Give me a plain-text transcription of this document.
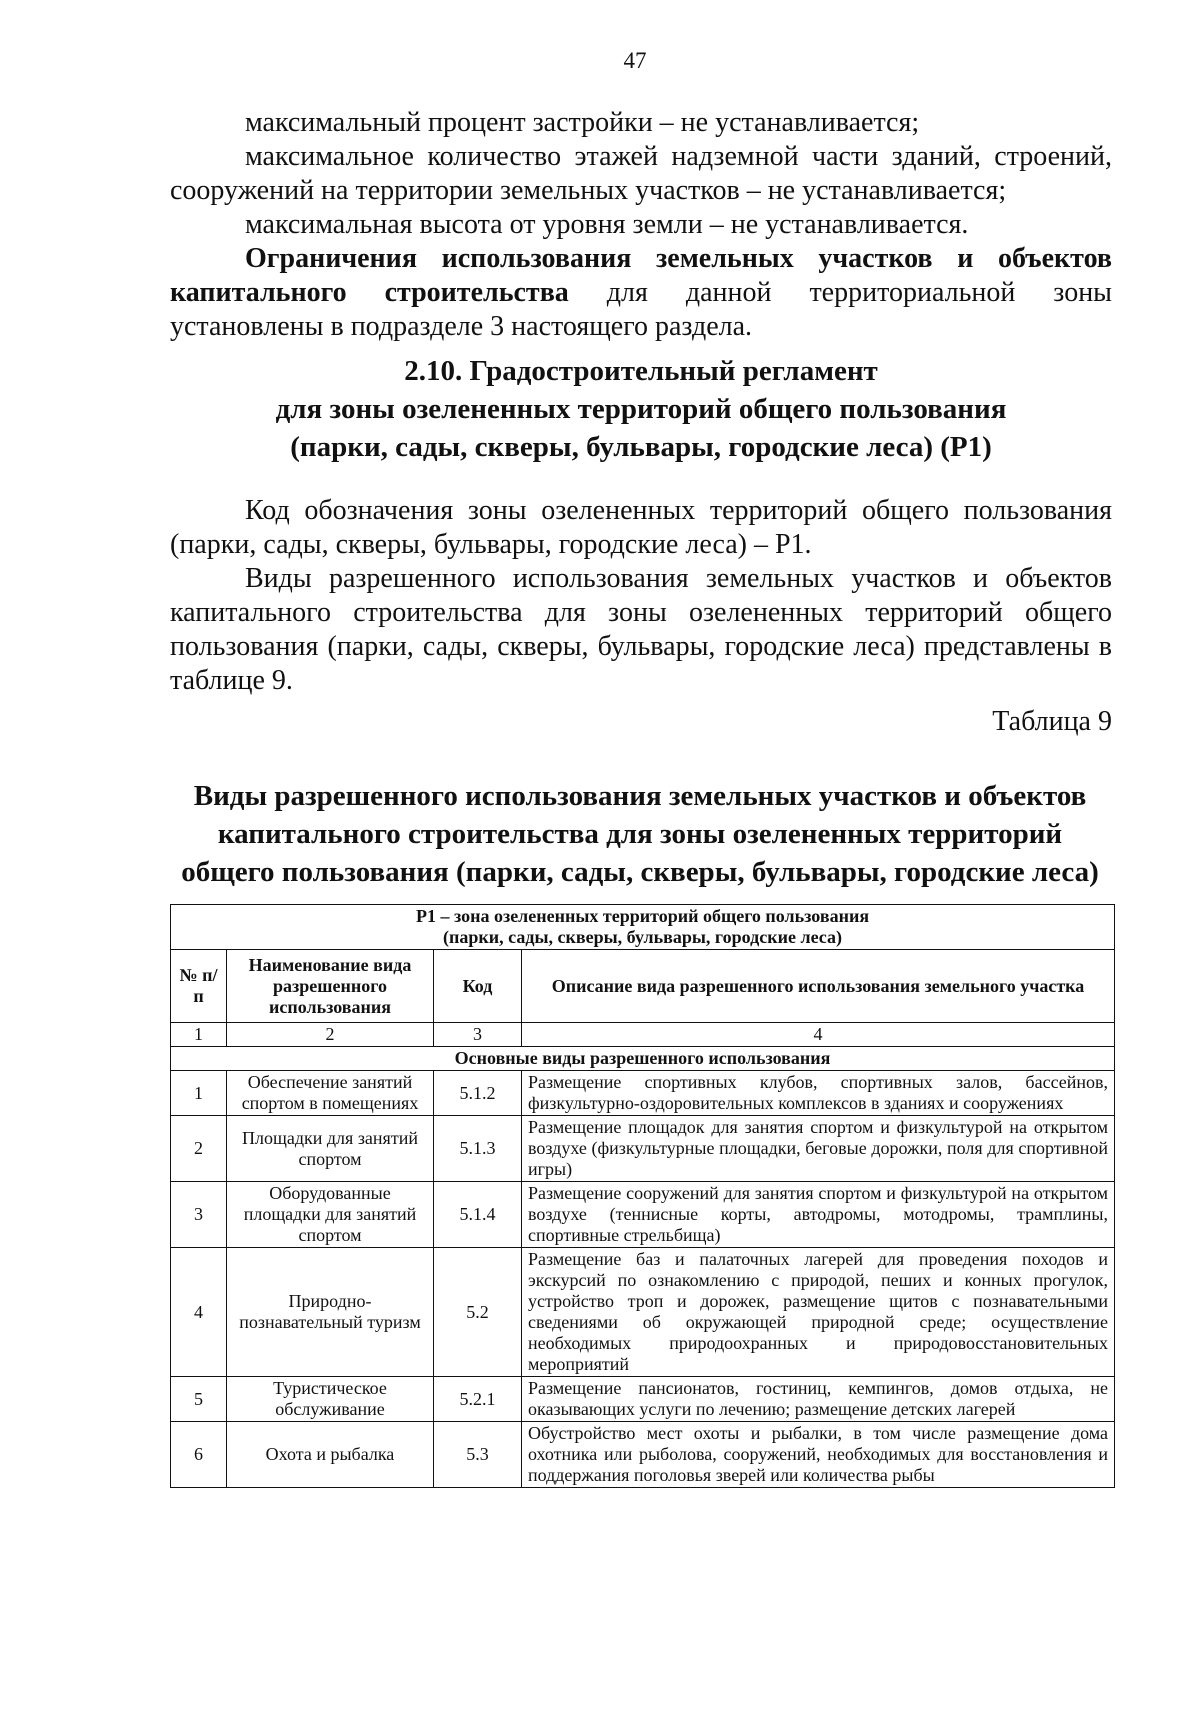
47

максимальный процент застройки – не устанавливается;

максимальное количество этажей надземной части зданий, строений, сооружений на территории земельных участков – не устанавливается;

максимальная высота от уровня земли – не устанавливается.

Ограничения использования земельных участков и объектов капитального строительства для данной территориальной зоны установлены в подразделе 3 настоящего раздела.

2.10. Градостроительный регламент
для зоны озелененных территорий общего пользования
(парки, сады, скверы, бульвары, городские леса) (Р1)

Код обозначения зоны озелененных территорий общего пользования (парки, сады, скверы, бульвары, городские леса) – Р1.

Виды разрешенного использования земельных участков и объектов капитального строительства для зоны озелененных территорий общего пользования (парки, сады, скверы, бульвары, городские леса) представлены в таблице 9.

Таблица 9
Виды разрешенного использования земельных участков и объектов
капитального строительства для зоны озелененных территорий
общего пользования (парки, сады, скверы, бульвары, городские леса)
Р1 – зона озелененных территорий общего пользования
(парки, сады, скверы, бульвары, городские леса)			

№ п/п	Наименование вида разрешенного использования	Код	Описание вида разрешенного использования земельного участка
1	2	3	4
Основные виды разрешенного использования			
1	Обеспечение занятий спортом в помещениях	5.1.2	Размещение спортивных клубов, спортивных залов, бассейнов, физкультурно-оздоровительных комплексов в зданиях и сооружениях
2	Площадки для занятий спортом	5.1.3	Размещение площадок для занятия спортом и физкультурой на открытом воздухе (физкультурные площадки, беговые дорожки, поля для спортивной игры)
3	Оборудованные площадки для занятий спортом	5.1.4	Размещение сооружений для занятия спортом и физкультурой на открытом воздухе (теннисные корты, автодромы, мотодромы, трамплины, спортивные стрельбища)
4	Природно-познавательный туризм	5.2	Размещение баз и палаточных лагерей для проведения походов и экскурсий по ознакомлению с природой, пеших и конных прогулок, устройство троп и дорожек, размещение щитов с познавательными сведениями об окружающей природной среде; осуществление необходимых природоохранных и природовосстановительных мероприятий
5	Туристическое обслуживание	5.2.1	Размещение пансионатов, гостиниц, кемпингов, домов отдыха, не оказывающих услуги по лечению; размещение детских лагерей
6	Охота и рыбалка	5.3	Обустройство мест охоты и рыбалки, в том числе размещение дома охотника или рыболова, сооружений, необходимых для восстановления и поддержания поголовья зверей или количества рыбы
